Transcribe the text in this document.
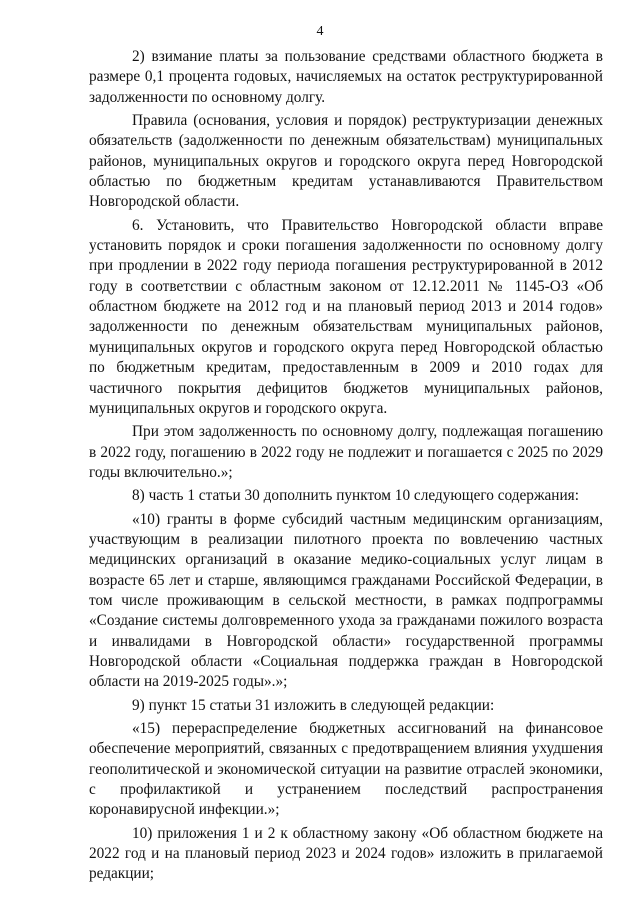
4

2) взимание платы за пользование средствами областного бюджета в размере 0,1 процента годовых, начисляемых на остаток реструктурированной задолженности по основному долгу.

Правила (основания, условия и порядок) реструктуризации денежных обязательств (задолженности по денежным обязательствам) муниципальных районов, муниципальных округов и городского округа перед Новгородской областью по бюджетным кредитам устанавливаются Правительством Новгородской области.

6. Установить, что Правительство Новгородской области вправе установить порядок и сроки погашения задолженности по основному долгу при продлении в 2022 году периода погашения реструктурированной в 2012 году в соответствии с областным законом от 12.12.2011 № 1145-ОЗ «Об областном бюджете на 2012 год и на плановый период 2013 и 2014 годов» задолженности по денежным обязательствам муниципальных районов, муниципальных округов и городского округа перед Новгородской областью по бюджетным кредитам, предоставленным в 2009 и 2010 годах для частичного покрытия дефицитов бюджетов муниципальных районов, муниципальных округов и городского округа.

При этом задолженность по основному долгу, подлежащая погашению в 2022 году, погашению в 2022 году не подлежит и погашается с 2025 по 2029 годы включительно.»;

8) часть 1 статьи 30 дополнить пунктом 10 следующего содержания:

«10) гранты в форме субсидий частным медицинским организациям, участвующим в реализации пилотного проекта по вовлечению частных медицинских организаций в оказание медико-социальных услуг лицам в возрасте 65 лет и старше, являющимся гражданами Российской Федерации, в том числе проживающим в сельской местности, в рамках подпрограммы «Создание системы долговременного ухода за гражданами пожилого возраста и инвалидами в Новгородской области» государственной программы Новгородской области «Социальная поддержка граждан в Новгородской области на 2019-2025 годы».»;

9) пункт 15 статьи 31 изложить в следующей редакции:

«15) перераспределение бюджетных ассигнований на финансовое обеспечение мероприятий, связанных с предотвращением влияния ухудшения геополитической и экономической ситуации на развитие отраслей экономики, с профилактикой и устранением последствий распространения коронавирусной инфекции.»;

10) приложения 1 и 2 к областному закону «Об областном бюджете на 2022 год и на плановый период 2023 и 2024 годов» изложить в прилагаемой редакции;
